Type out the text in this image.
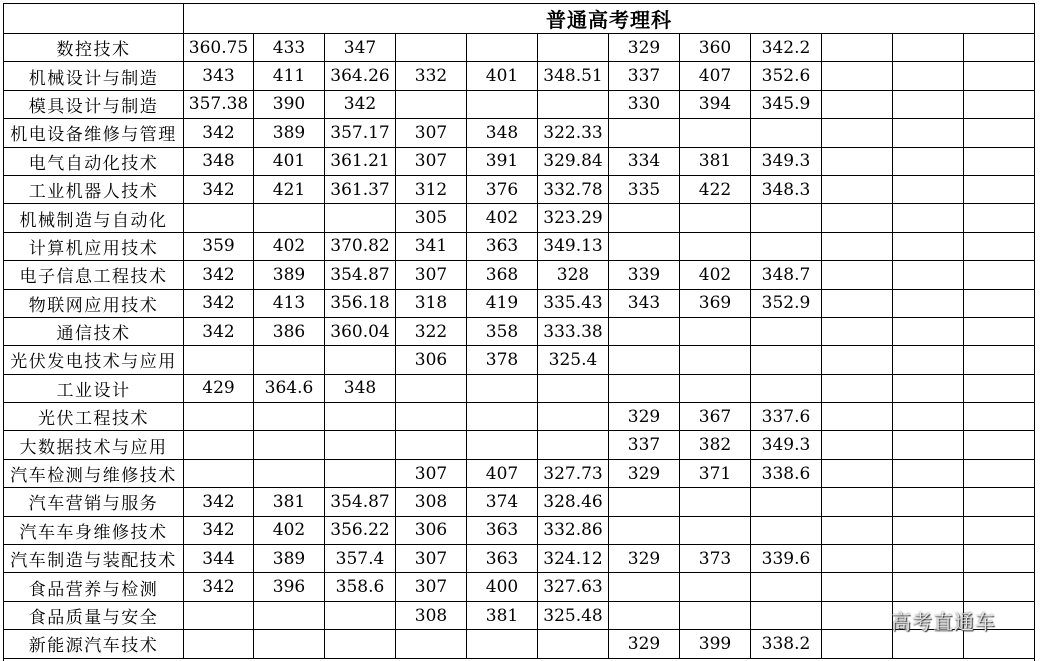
	普通高考理科											
数控技术	360.75	433	347				329	360	342.2			
机械设计与制造	343	411	364.26	332	401	348.51	337	407	352.6			
模具设计与制造	357.38	390	342				330	394	345.9			
机电设备维修与管理	342	389	357.17	307	348	322.33						
电气自动化技术	348	401	361.21	307	391	329.84	334	381	349.3			
工业机器人技术	342	421	361.37	312	376	332.78	335	422	348.3			
机械制造与自动化				305	402	323.29						
计算机应用技术	359	402	370.82	341	363	349.13						
电子信息工程技术	342	389	354.87	307	368	328	339	402	348.7			
物联网应用技术	342	413	356.18	318	419	335.43	343	369	352.9			
通信技术	342	386	360.04	322	358	333.38						
光伏发电技术与应用				306	378	325.4						
工业设计	429	364.6	348									
光伏工程技术							329	367	337.6			
大数据技术与应用							337	382	349.3			
汽车检测与维修技术				307	407	327.73	329	371	338.6			
汽车营销与服务	342	381	354.87	308	374	328.46						
汽车车身维修技术	342	402	356.22	306	363	332.86						
汽车制造与装配技术	344	389	357.4	307	363	324.12	329	373	339.6			
食品营养与检测	342	396	358.6	307	400	327.63						
食品质量与安全				308	381	325.48						
新能源汽车技术							329	399	338.2			

高考直通车
